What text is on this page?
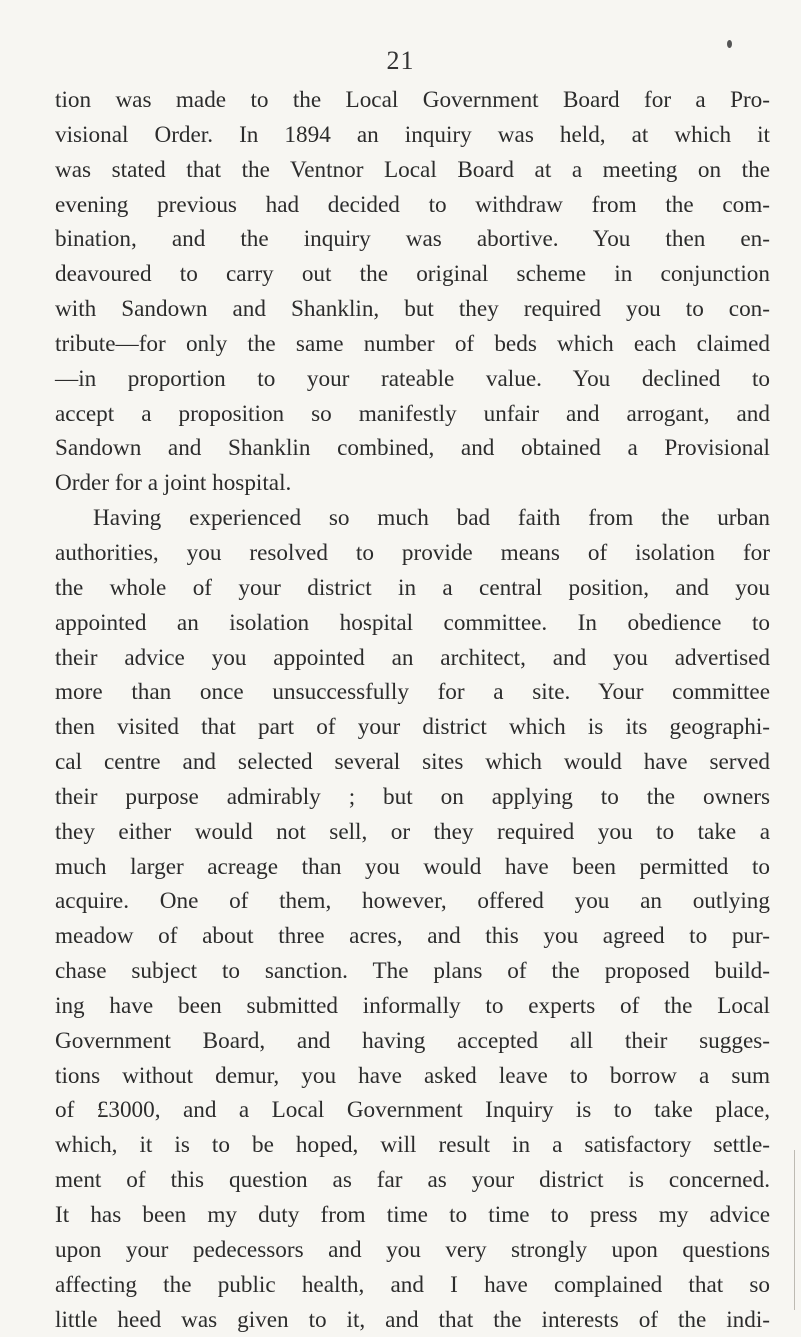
21
tion was made to the Local Government Board for a Pro-
visional Order. In 1894 an inquiry was held, at which it
was stated that the Ventnor Local Board at a meeting on the
evening previous had decided to withdraw from the com-
bination, and the inquiry was abortive. You then en-
deavoured to carry out the original scheme in conjunction
with Sandown and Shanklin, but they required you to con-
tribute—for only the same number of beds which each claimed
—in proportion to your rateable value. You declined to
accept a proposition so manifestly unfair and arrogant, and
Sandown and Shanklin combined, and obtained a Provisional
Order for a joint hospital.
Having experienced so much bad faith from the urban
authorities, you resolved to provide means of isolation for
the whole of your district in a central position, and you
appointed an isolation hospital committee. In obedience to
their advice you appointed an architect, and you advertised
more than once unsuccessfully for a site. Your committee
then visited that part of your district which is its geographi-
cal centre and selected several sites which would have served
their purpose admirably ; but on applying to the owners
they either would not sell, or they required you to take a
much larger acreage than you would have been permitted to
acquire. One of them, however, offered you an outlying
meadow of about three acres, and this you agreed to pur-
chase subject to sanction. The plans of the proposed build-
ing have been submitted informally to experts of the Local
Government Board, and having accepted all their sugges-
tions without demur, you have asked leave to borrow a sum
of £3000, and a Local Government Inquiry is to take place,
which, it is to be hoped, will result in a satisfactory settle-
ment of this question as far as your district is concerned.
It has been my duty from time to time to press my advice
upon your pedecessors and you very strongly upon questions
affecting the public health, and I have complained that so
little heed was given to it, and that the interests of the indi-
